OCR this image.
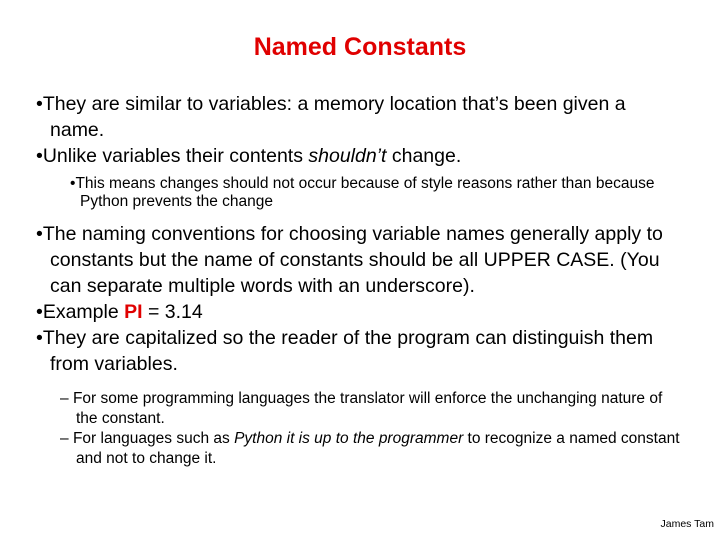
Named Constants

•They are similar to variables: a memory location that’s been given a name.

•Unlike variables their contents shouldn’t change.

•This means changes should not occur because of style reasons rather than because Python prevents the change

•The naming conventions for choosing variable names generally apply to constants but the name of constants should be all UPPER CASE. (You can separate multiple words with an underscore).

•Example PI = 3.14

•They are capitalized so the reader of the program can distinguish them from variables.

– For some programming languages the translator will enforce the unchanging nature of the constant.

– For languages such as Python it is up to the programmer to recognize a named constant and not to change it.

James Tam
